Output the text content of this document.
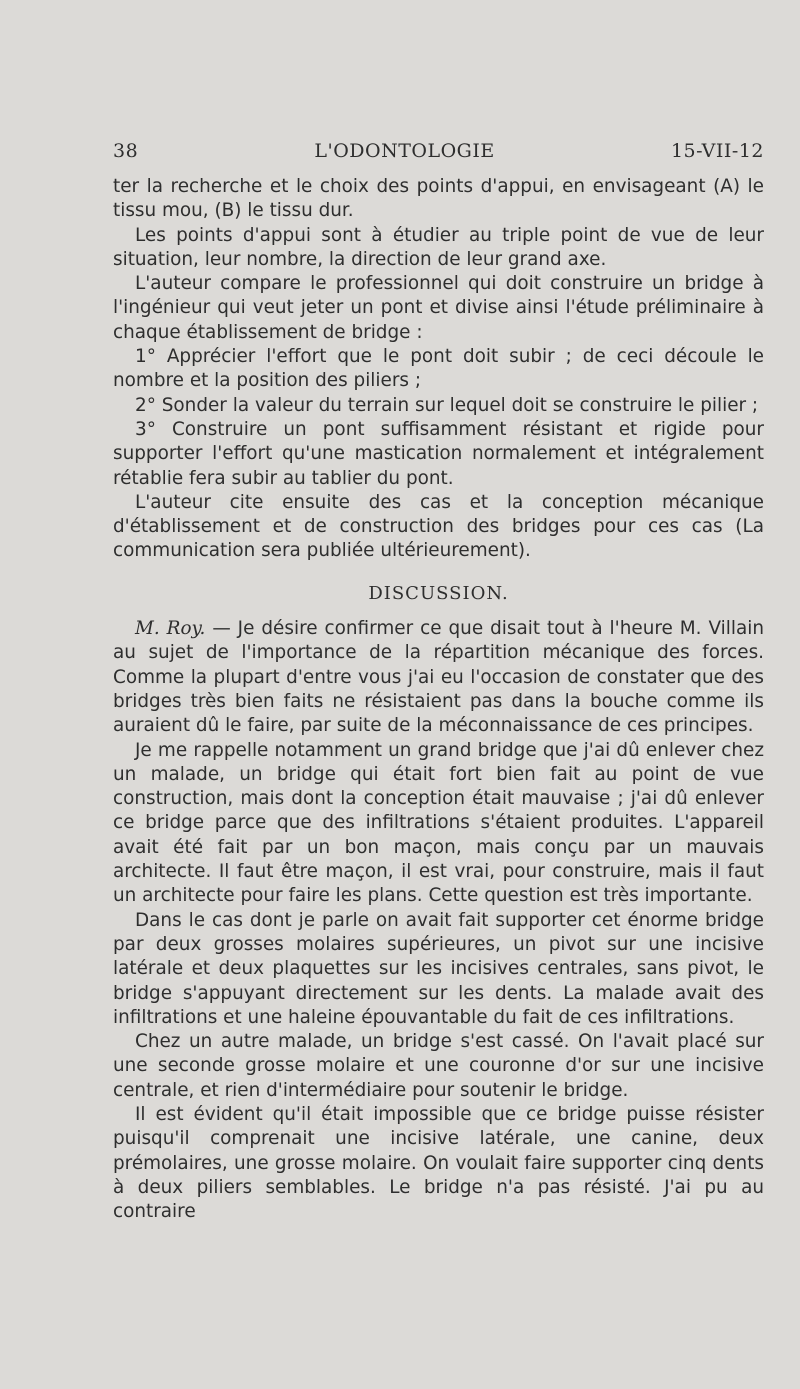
38	L'ODONTOLOGIE	15-VII-12

ter la recherche et le choix des points d'appui, en envisageant (A) le tissu mou, (B) le tissu dur.

Les points d'appui sont à étudier au triple point de vue de leur situation, leur nombre, la direction de leur grand axe.

L'auteur compare le professionnel qui doit construire un bridge à l'ingénieur qui veut jeter un pont et divise ainsi l'étude préliminaire à chaque établissement de bridge :

1° Apprécier l'effort que le pont doit subir ; de ceci découle le nombre et la position des piliers ;

2° Sonder la valeur du terrain sur lequel doit se construire le pilier ;

3° Construire un pont suffisamment résistant et rigide pour supporter l'effort qu'une mastication normalement et intégralement rétablie fera subir au tablier du pont.

L'auteur cite ensuite des cas et la conception mécanique d'établissement et de construction des bridges pour ces cas (La communication sera publiée ultérieurement).

DISCUSSION.

M. Roy. — Je désire confirmer ce que disait tout à l'heure M. Villain au sujet de l'importance de la répartition mécanique des forces. Comme la plupart d'entre vous j'ai eu l'occasion de constater que des bridges très bien faits ne résistaient pas dans la bouche comme ils auraient dû le faire, par suite de la méconnaissance de ces principes.

Je me rappelle notamment un grand bridge que j'ai dû enlever chez un malade, un bridge qui était fort bien fait au point de vue construction, mais dont la conception était mauvaise ; j'ai dû enlever ce bridge parce que des infiltrations s'étaient produites. L'appareil avait été fait par un bon maçon, mais conçu par un mauvais architecte. Il faut être maçon, il est vrai, pour construire, mais il faut un architecte pour faire les plans. Cette question est très importante.

Dans le cas dont je parle on avait fait supporter cet énorme bridge par deux grosses molaires supérieures, un pivot sur une incisive latérale et deux plaquettes sur les incisives centrales, sans pivot, le bridge s'appuyant directement sur les dents. La malade avait des infiltrations et une haleine épouvantable du fait de ces infiltrations.

Chez un autre malade, un bridge s'est cassé. On l'avait placé sur une seconde grosse molaire et une couronne d'or sur une incisive centrale, et rien d'intermédiaire pour soutenir le bridge.

Il est évident qu'il était impossible que ce bridge puisse résister puisqu'il comprenait une incisive latérale, une canine, deux prémolaires, une grosse molaire. On voulait faire supporter cinq dents à deux piliers semblables. Le bridge n'a pas résisté. J'ai pu au contraire
